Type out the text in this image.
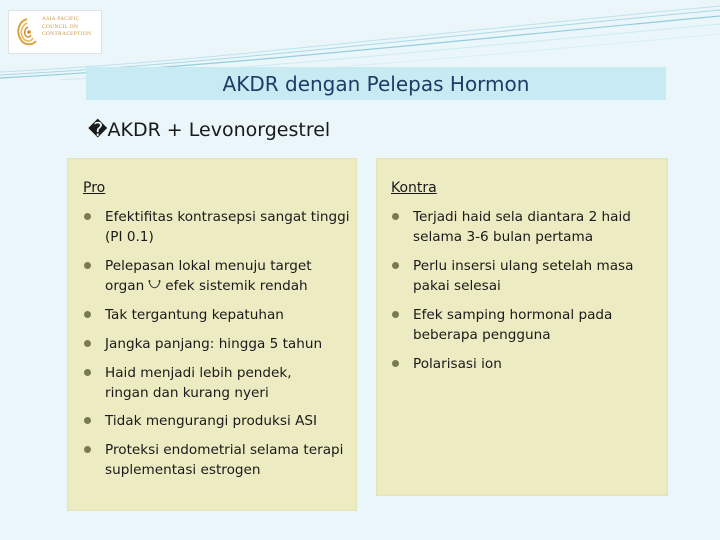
ASIA PACIFIC
COUNCIL ON
CONTRACEPTION
AKDR dengan Pelepas Hormon
�AKDR + Levonorgestrel
Pro
Efektifitas kontrasepsi sangat tinggi (PI 0.1)
Pelepasan lokal menuju target organ efek sistemik rendah
Tak tergantung kepatuhan
Jangka panjang: hingga 5 tahun
Haid menjadi lebih pendek, ringan dan kurang nyeri
Tidak mengurangi produksi ASI
Proteksi endometrial selama terapi suplementasi estrogen
Kontra
Terjadi haid sela diantara 2 haid selama 3-6 bulan pertama
Perlu insersi ulang setelah masa pakai selesai
Efek samping hormonal pada beberapa pengguna
Polarisasi ion
